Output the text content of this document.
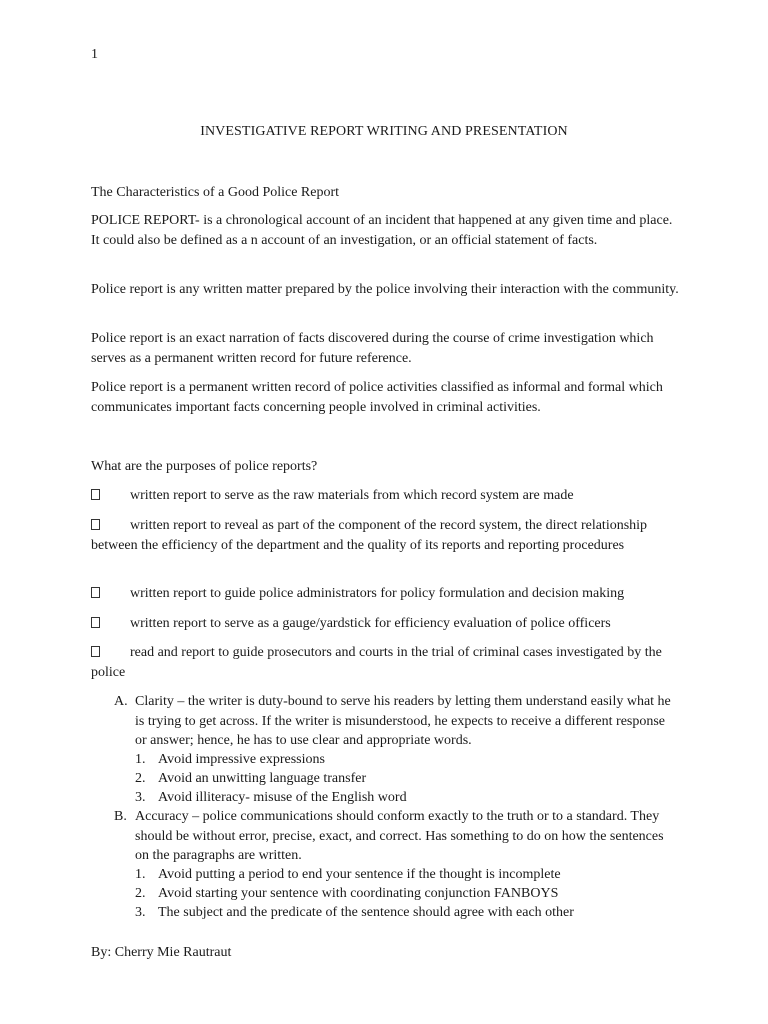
1
INVESTIGATIVE REPORT WRITING AND PRESENTATION

The Characteristics of a Good Police Report

POLICE REPORT- is a chronological account of an incident that happened at any given time and place. It could also be defined as a n account of an investigation, or an official statement of facts.

Police report is any written matter prepared by the police involving their interaction with the community.

Police report is an exact narration of facts discovered during the course of crime investigation which serves as a permanent written record for future reference.

Police report is a permanent written record of police activities classified as informal and formal which communicates important facts concerning people involved in criminal activities.

What are the purposes of police reports?

written report to serve as the raw materials from which record system are made
written report to reveal as part of the component of the record system, the direct relationship between the efficiency of the department and the quality of its reports and reporting procedures
written report to guide police administrators for policy formulation and decision making
written report to serve as a gauge/yardstick for efficiency evaluation of police officers
read and report to guide prosecutors and courts in the trial of criminal cases investigated by the police
A. Clarity – the writer is duty-bound to serve his readers by letting them understand easily what he is trying to get across. If the writer is misunderstood, he expects to receive a different response or answer; hence, he has to use clear and appropriate words.
1. Avoid impressive expressions
2. Avoid an unwitting language transfer
3. Avoid illiteracy- misuse of the English word
B. Accuracy – police communications should conform exactly to the truth or to a standard. They should be without error, precise, exact, and correct. Has something to do on how the sentences on the paragraphs are written.
1. Avoid putting a period to end your sentence if the thought is incomplete
2. Avoid starting your sentence with coordinating conjunction FANBOYS
3. The subject and the predicate of the sentence should agree with each other
By: Cherry Mie Rautraut
